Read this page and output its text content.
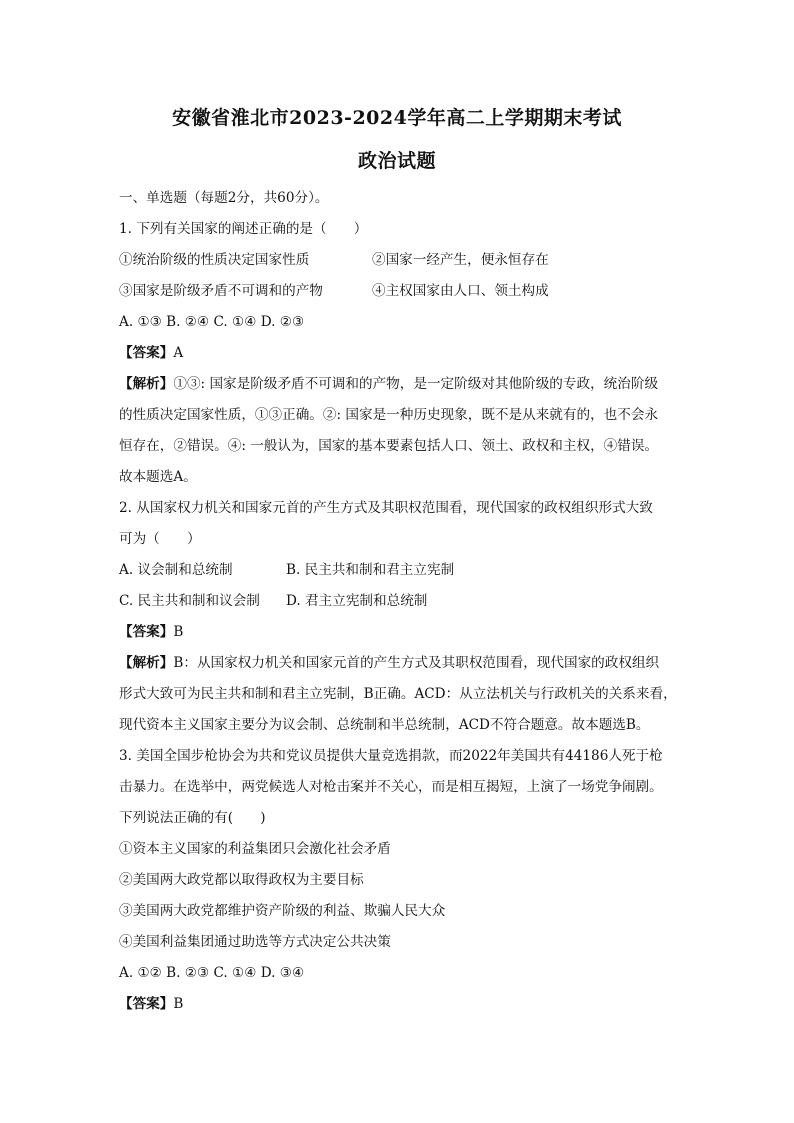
安徽省淮北市2023-2024学年高二上学期期末考试
政治试题
一、单选题（每题2分，共60分）。
1. 下列有关国家的阐述正确的是（　　）
①统治阶级的性质决定国家性质	②国家一经产生，便永恒存在
③国家是阶级矛盾不可调和的产物	④主权国家由人口、领土构成
A. ①③ B. ②④ C. ①④ D. ②③
【答案】A
【解析】①③: 国家是阶级矛盾不可调和的产物，是一定阶级对其他阶级的专政，统治阶级
的性质决定国家性质，①③正确。②: 国家是一种历史现象，既不是从来就有的，也不会永
恒存在，②错误。④: 一般认为，国家的基本要素包括人口、领土、政权和主权，④错误。
故本题选A。
2. 从国家权力机关和国家元首的产生方式及其职权范围看，现代国家的政权组织形式大致
可为（　　）
A. 议会制和总统制	B. 民主共和制和君主立宪制
C. 民主共和制和议会制	D. 君主立宪制和总统制
【答案】B
【解析】B：从国家权力机关和国家元首的产生方式及其职权范围看，现代国家的政权组织
形式大致可为民主共和制和君主立宪制，B正确。ACD：从立法机关与行政机关的关系来看，
现代资本主义国家主要分为议会制、总统制和半总统制，ACD不符合题意。故本题选B。
3. 美国全国步枪协会为共和党议员提供大量竞选捐款，而2022年美国共有44186人死于枪
击暴力。在选举中，两党候选人对枪击案并不关心，而是相互揭短，上演了一场党争闹剧。
下列说法正确的有(　　)
①资本主义国家的利益集团只会激化社会矛盾
②美国两大政党都以取得政权为主要目标
③美国两大政党都维护资产阶级的利益、欺骗人民大众
④美国利益集团通过助选等方式决定公共决策
A. ①② B. ②③ C. ①④ D. ③④
【答案】B
